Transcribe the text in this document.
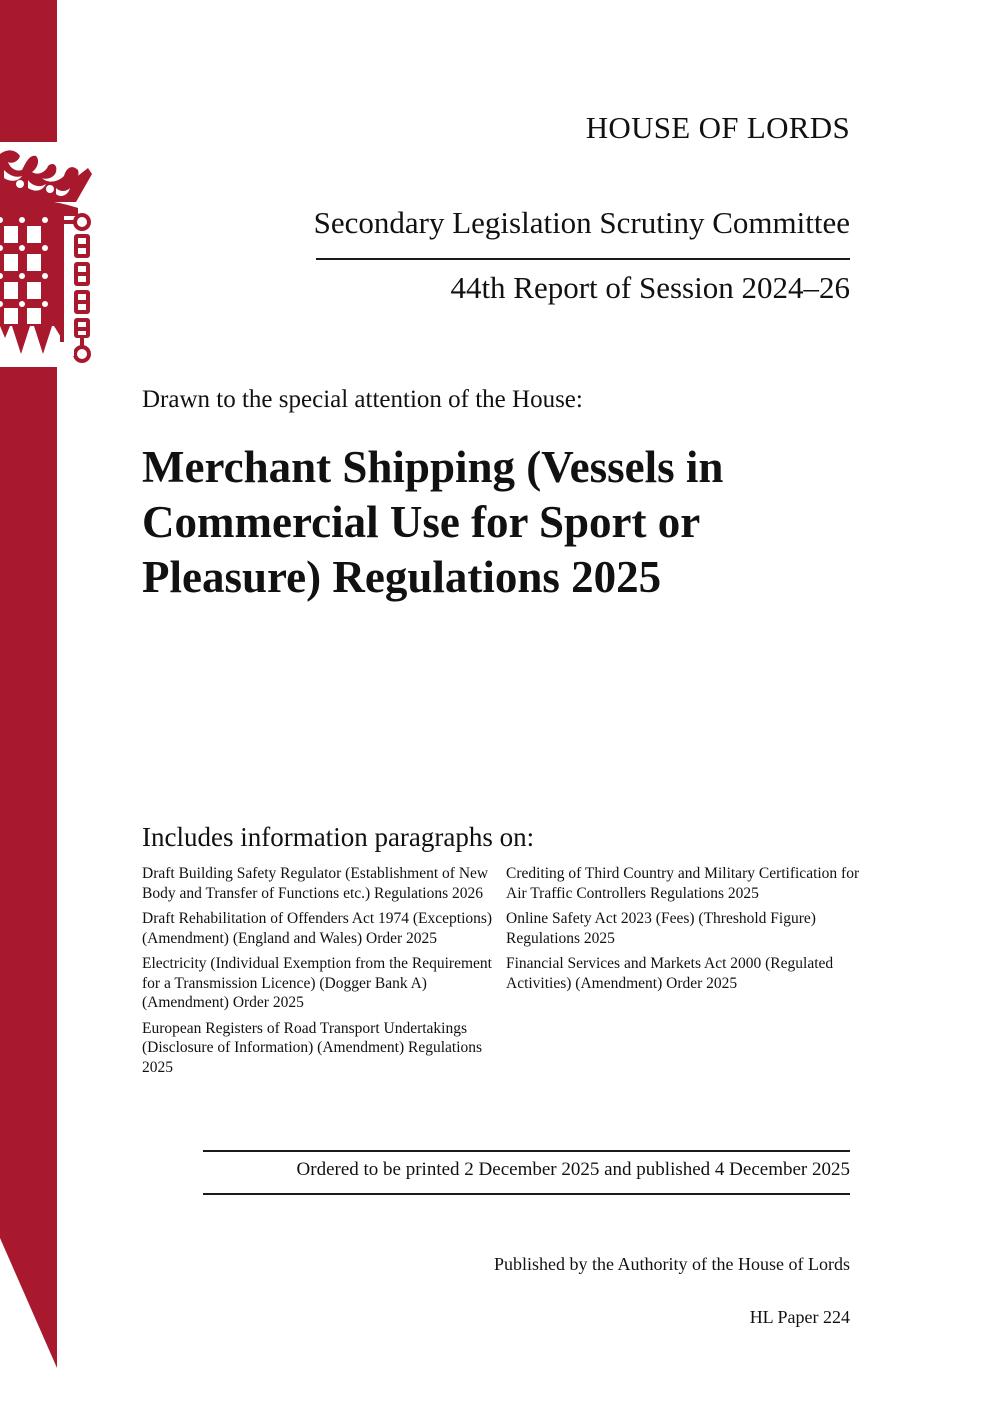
HOUSE OF LORDS
Secondary Legislation Scrutiny Committee
44th Report of Session 2024–26
Drawn to the special attention of the House:
Merchant Shipping (Vessels in Commercial Use for Sport or Pleasure) Regulations 2025
Includes information paragraphs on:

Draft Building Safety Regulator (Establishment of New Body and Transfer of Functions etc.) Regulations 2026

Draft Rehabilitation of Offenders Act 1974 (Exceptions) (Amendment) (England and Wales) Order 2025

Electricity (Individual Exemption from the Requirement for a Transmission Licence) (Dogger Bank A) (Amendment) Order 2025

European Registers of Road Transport Undertakings (Disclosure of Information) (Amendment) Regulations 2025

Crediting of Third Country and Military Certification for Air Traffic Controllers Regulations 2025

Online Safety Act 2023 (Fees) (Threshold Figure) Regulations 2025

Financial Services and Markets Act 2000 (Regulated Activities) (Amendment) Order 2025

Ordered to be printed 2 December 2025 and published 4 December 2025
Published by the Authority of the House of Lords
HL Paper 224
